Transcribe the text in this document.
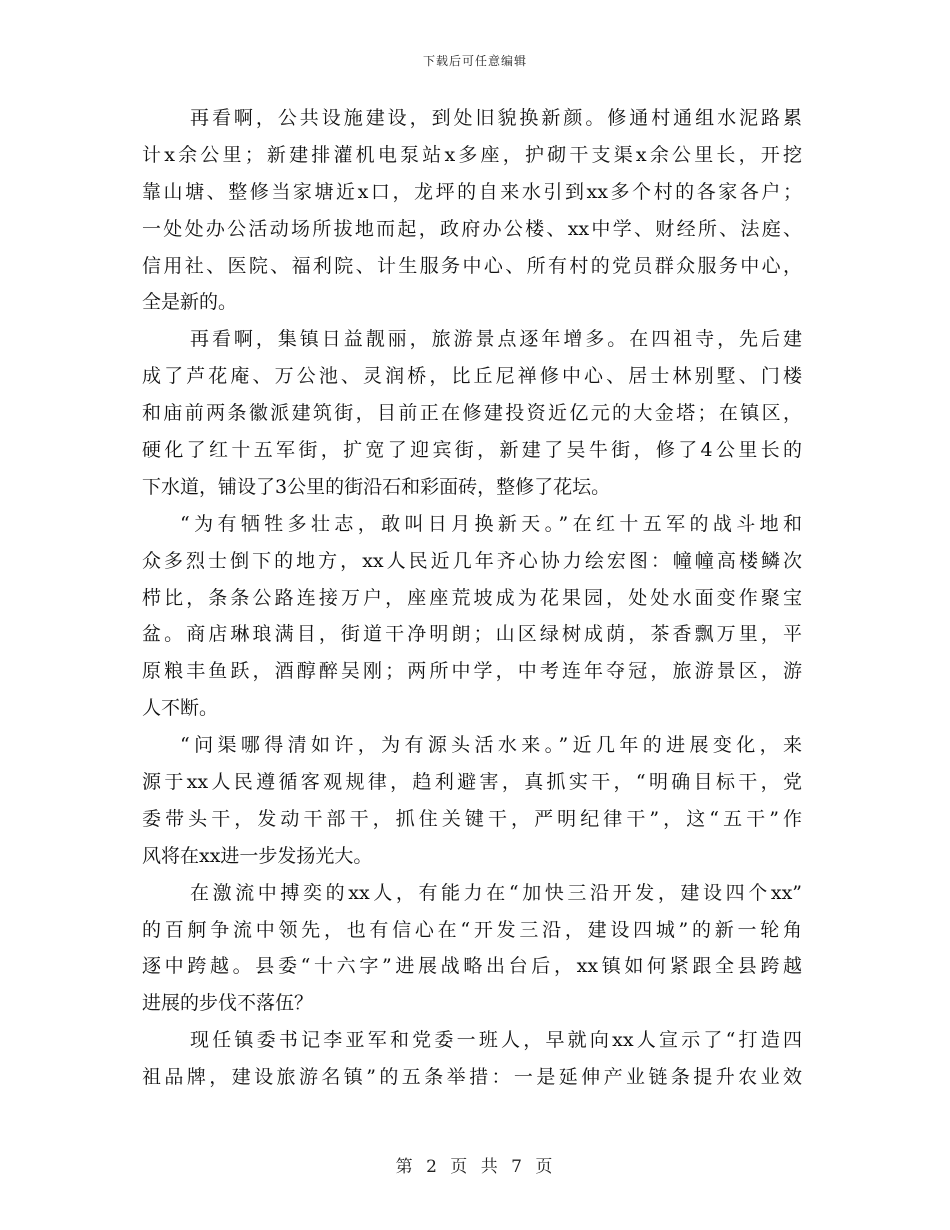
下载后可任意编辑
再看啊，公共设施建设，到处旧貌换新颜。修通村通组水泥路累
计x余公里；新建排灌机电泵站x多座，护砌干支渠x余公里长，开挖
靠山塘、整修当家塘近x口，龙坪的自来水引到xx多个村的各家各户；
一处处办公活动场所拔地而起，政府办公楼、xx中学、财经所、法庭、
信用社、医院、福利院、计生服务中心、所有村的党员群众服务中心，
全是新的。
再看啊，集镇日益靓丽，旅游景点逐年增多。在四祖寺，先后建
成了芦花庵、万公池、灵润桥，比丘尼禅修中心、居士林别墅、门楼
和庙前两条徽派建筑街，目前正在修建投资近亿元的大金塔；在镇区，
硬化了红十五军街，扩宽了迎宾街，新建了吴牛街，修了4公里长的
下水道，铺设了3公里的街沿石和彩面砖，整修了花坛。
“为有牺牲多壮志，敢叫日月换新天。”在红十五军的战斗地和
众多烈士倒下的地方，xx人民近几年齐心协力绘宏图：幢幢高楼鳞次
栉比，条条公路连接万户，座座荒坡成为花果园，处处水面变作聚宝
盆。商店琳琅满目，街道干净明朗；山区绿树成荫，茶香飘万里，平
原粮丰鱼跃，酒醇醉吴刚；两所中学，中考连年夺冠，旅游景区，游
人不断。
“问渠哪得清如许，为有源头活水来。”近几年的进展变化，来
源于xx人民遵循客观规律，趋利避害，真抓实干，“明确目标干，党
委带头干，发动干部干，抓住关键干，严明纪律干”，这“五干”作
风将在xx进一步发扬光大。
在激流中搏奕的xx人，有能力在“加快三沿开发，建设四个xx”
的百舸争流中领先，也有信心在“开发三沿，建设四城”的新一轮角
逐中跨越。县委“十六字”进展战略出台后，xx镇如何紧跟全县跨越
进展的步伐不落伍？
现任镇委书记李亚军和党委一班人，早就向xx人宣示了“打造四
祖品牌，建设旅游名镇”的五条举措：一是延伸产业链条提升农业效
第 2 页 共 7 页
